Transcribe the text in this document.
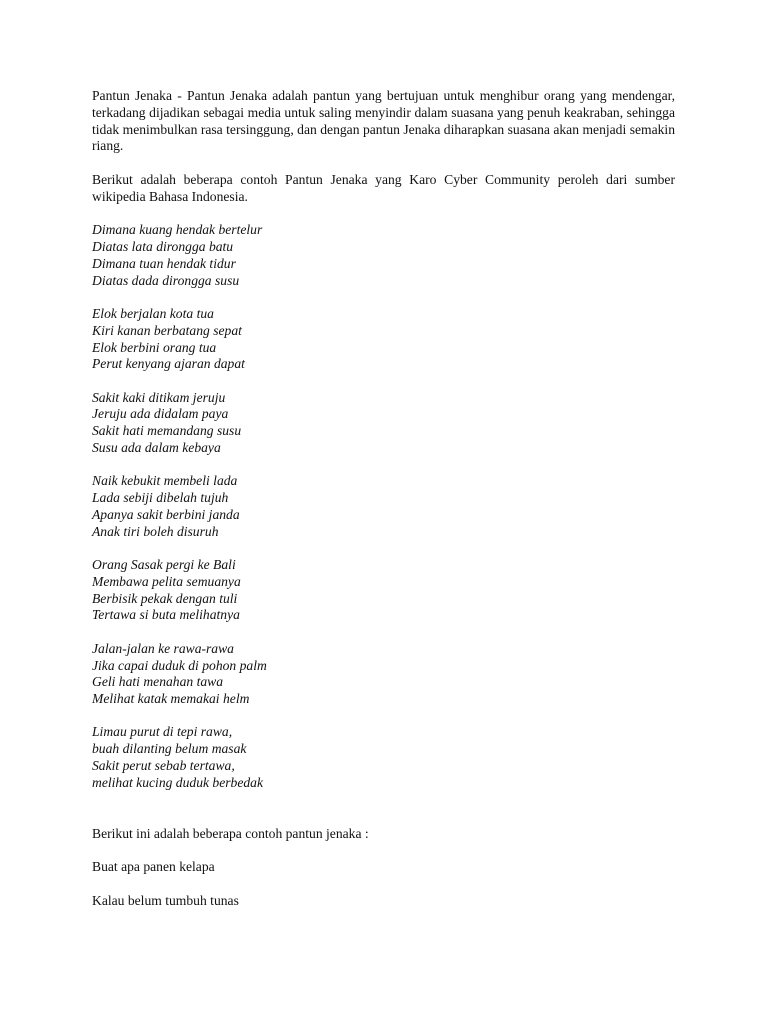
Pantun Jenaka - Pantun Jenaka adalah pantun yang bertujuan untuk menghibur orang yang mendengar, terkadang dijadikan sebagai media untuk saling menyindir dalam suasana yang penuh keakraban, sehingga tidak menimbulkan rasa tersinggung, dan dengan pantun Jenaka diharapkan suasana akan menjadi semakin riang.

Berikut adalah beberapa contoh Pantun Jenaka yang Karo Cyber Community peroleh dari sumber wikipedia Bahasa Indonesia.

Dimana kuang hendak bertelur
Diatas lata dirongga batu
Dimana tuan hendak tidur
Diatas dada dirongga susu
Elok berjalan kota tua
Kiri kanan berbatang sepat
Elok berbini orang tua
Perut kenyang ajaran dapat
Sakit kaki ditikam jeruju
Jeruju ada didalam paya
Sakit hati memandang susu
Susu ada dalam kebaya
Naik kebukit membeli lada
Lada sebiji dibelah tujuh
Apanya sakit berbini janda
Anak tiri boleh disuruh
Orang Sasak pergi ke Bali
Membawa pelita semuanya
Berbisik pekak dengan tuli
Tertawa si buta melihatnya
Jalan-jalan ke rawa-rawa
Jika capai duduk di pohon palm
Geli hati menahan tawa
Melihat katak memakai helm
Limau purut di tepi rawa,
buah dilanting belum masak
Sakit perut sebab tertawa,
melihat kucing duduk berbedak

Berikut ini adalah beberapa contoh pantun jenaka :

Buat apa panen kelapa

Kalau belum tumbuh tunas
